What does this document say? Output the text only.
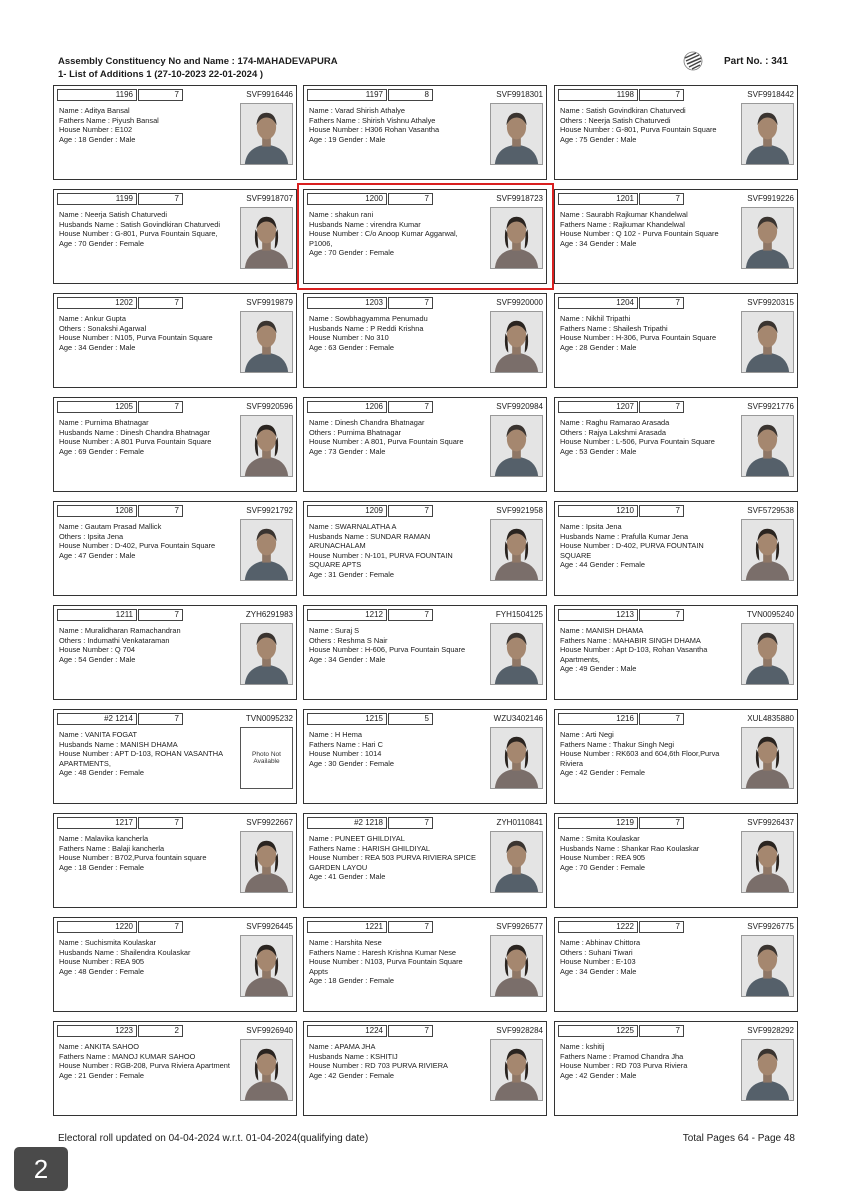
Assembly Constituency No and Name : 174-MAHADEVAPURA
1- List of Additions 1 (27-10-2023 22-01-2024 )
Part No. : 341
1196	7	SVF9916446
Name : Aditya Bansal
Fathers Name : Piyush Bansal
House Number : E102
Age : 18 Gender : Male
1197	8	SVF9918301
Name : Varad Shirish Athalye
Fathers Name : Shirish Vishnu Athalye
House Number : H306 Rohan Vasantha
Age : 19 Gender : Male
1198	7	SVF9918442
Name : Satish Govindkiran Chaturvedi
Others : Neerja Satish Chaturvedi
House Number : G-801, Purva Fountain Square
Age : 75 Gender : Male
1199	7	SVF9918707
Name : Neerja Satish Chaturvedi
Husbands Name : Satish Govindkiran Chaturvedi
House Number : G-801, Purva Fountain Square,
Age : 70 Gender : Female
1200	7	SVF9918723
Name : shakun rani
Husbands Name : virendra Kumar
House Number : C/o Anoop Kumar Aggarwal, P1006,
Age : 70 Gender : Female
1201	7	SVF9919226
Name : Saurabh Rajkumar Khandelwal
Fathers Name : Rajkumar Khandelwal
House Number : Q 102 - Purva Fountain Square
Age : 34 Gender : Male
1202	7	SVF9919879
Name : Ankur Gupta
Others : Sonakshi Agarwal
House Number : N105, Purva Fountain Square
Age : 34 Gender : Male
1203	7	SVF9920000
Name : Sowbhagyamma Penumadu
Husbands Name : P Reddi Krishna
House Number : No 310
Age : 63 Gender : Female
1204	7	SVF9920315
Name : Nikhil Tripathi
Fathers Name : Shailesh Tripathi
House Number : H-306, Purva Fountain Square
Age : 28 Gender : Male
1205	7	SVF9920596
Name : Purnima Bhatnagar
Husbands Name : Dinesh Chandra Bhatnagar
House Number : A 801 Purva Fountain Square
Age : 69 Gender : Female
1206	7	SVF9920984
Name : Dinesh Chandra Bhatnagar
Others : Purnima Bhatnagar
House Number : A 801, Purva Fountain Square
Age : 73 Gender : Male
1207	7	SVF9921776
Name : Raghu Ramarao Arasada
Others : Rajya Lakshmi Arasada
House Number : L-506, Purva Fountain Square
Age : 53 Gender : Male
1208	7	SVF9921792
Name : Gautam Prasad Mallick
Others : Ipsita Jena
House Number : D-402, Purva Fountain Square
Age : 47 Gender : Male
1209	7	SVF9921958
Name : SWARNALATHA A
Husbands Name : SUNDAR RAMAN ARUNACHALAM
House Number : N-101, PURVA FOUNTAIN SQUARE APTS
Age : 31 Gender : Female
1210	7	SVF5729538
Name : Ipsita Jena
Husbands Name : Prafulla Kumar Jena
House Number : D-402, PURVA FOUNTAIN SQUARE
Age : 44 Gender : Female
1211	7	ZYH6291983
Name : Muralidharan Ramachandran
Others : Indumathi Venkataraman
House Number : Q 704
Age : 54 Gender : Male
1212	7	FYH1504125
Name : Suraj S
Others : Reshma S Nair
House Number : H-606, Purva Fountain Square
Age : 34 Gender : Male
1213	7	TVN0095240
Name : MANISH DHAMA
Fathers Name : MAHABIR SINGH DHAMA
House Number : Apt D-103, Rohan Vasantha Apartments,
Age : 49 Gender : Male
#2 1214	7	TVN0095232
Name : VANITA FOGAT
Husbands Name : MANISH DHAMA
House Number : APT D-103, ROHAN VASANTHA APARTMENTS,
Age : 48 Gender : Female
Photo Not
Available
1215	5	WZU3402146
Name : H Hema
Fathers Name : Hari C
House Number : 1014
Age : 30 Gender : Female
1216	7	XUL4835880
Name : Arti Negi
Fathers Name : Thakur Singh Negi
House Number : RK603 and 604,6th Floor,Purva Riviera
Age : 42 Gender : Female
1217	7	SVF9922667
Name : Malavika kancherla
Fathers Name : Balaji kancherla
House Number : B702,Purva fountain square
Age : 18 Gender : Female
#2 1218	7	ZYH0110841
Name : PUNEET GHILDIYAL
Fathers Name : HARISH GHILDIYAL
House Number : REA 503 PURVA RIVIERA SPICE GARDEN LAYOU
Age : 41 Gender : Male
1219	7	SVF9926437
Name : Smita Koulaskar
Husbands Name : Shankar Rao Koulaskar
House Number : REA 905
Age : 70 Gender : Female
1220	7	SVF9926445
Name : Suchismita Koulaskar
Husbands Name : Shailendra Koulaskar
House Number : REA 905
Age : 48 Gender : Female
1221	7	SVF9926577
Name : Harshita Nese
Fathers Name : Haresh Krishna Kumar Nese
House Number : N103, Purva Fountain Square Appts
Age : 18 Gender : Female
1222	7	SVF9926775
Name : Abhinav Chittora
Others : Suhani Tiwari
House Number : E-103
Age : 34 Gender : Male
1223	2	SVF9926940
Name : ANKITA SAHOO
Fathers Name : MANOJ KUMAR SAHOO
House Number : RGB-208, Purva Riviera Apartment
Age : 21 Gender : Female
1224	7	SVF9928284
Name : APAMA JHA
Husbands Name : KSHITIJ
House Number : RD 703 PURVA RIVIERA
Age : 42 Gender : Female
1225	7	SVF9928292
Name : kshitij
Fathers Name : Pramod Chandra Jha
House Number : RD 703 Purva Riviera
Age : 42 Gender : Male
Electoral roll updated on 04-04-2024 w.r.t. 01-04-2024(qualifying date)	Total Pages 64 - Page 48
2
